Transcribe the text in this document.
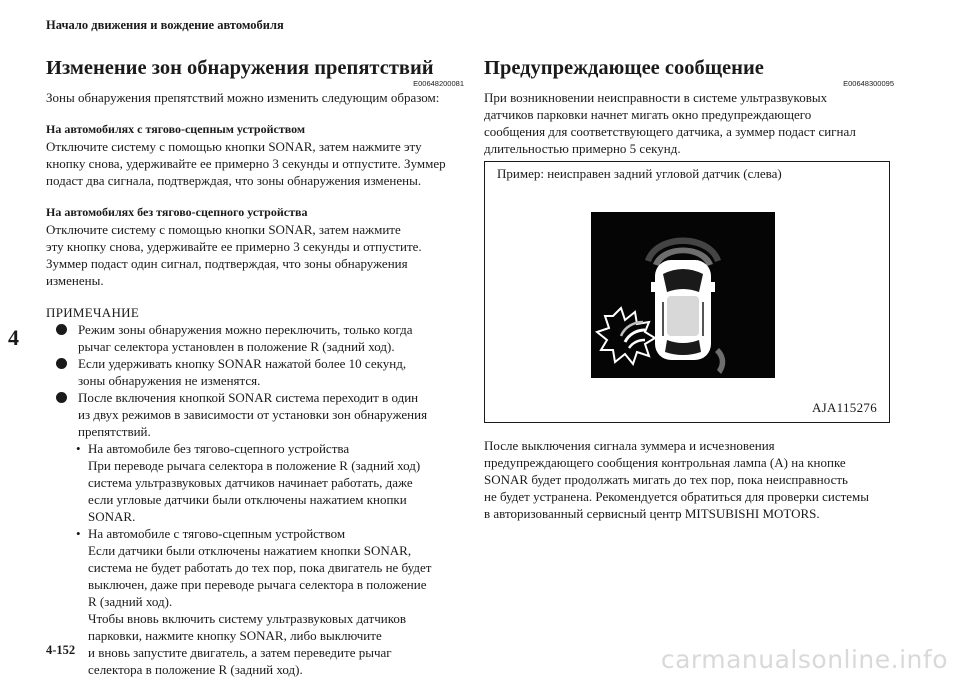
Начало движения и вождение автомобиля
4
Изменение зон обнаружения препятствий
E00648200081

Зоны обнаружения препятствий можно изменить следующим образом:

На автомобилях с тягово-сцепным устройством

Отключите систему с помощью кнопки SONAR, затем нажмите эту

кнопку снова, удерживайте ее примерно 3 секунды и отпустите. Зуммер

подаст два сигнала, подтверждая, что зоны обнаружения изменены.

На автомобилях без тягово-сцепного устройства

Отключите систему с помощью кнопки SONAR, затем нажмите

эту кнопку снова, удерживайте ее примерно 3 секунды и отпустите.

Зуммер подаст один сигнал, подтверждая, что зоны обнаружения

изменены.

ПРИМЕЧАНИЕ
Режим зоны обнаружения можно переключить, только когда
рычаг селектора установлен в положение R (задний ход).
Если удерживать кнопку SONAR нажатой более 10 секунд,
зоны обнаружения не изменятся.
После включения кнопкой SONAR система переходит в один
из двух режимов в зависимости от установки зон обнаружения
препятствий.
• На автомобиле без тягово-сцепного устройства
При переводе рычага селектора в положение R (задний ход)
система ультразвуковых датчиков начинает работать, даже
если угловые датчики были отключены нажатием кнопки
SONAR.
• На автомобиле с тягово-сцепным устройством
Если датчики были отключены нажатием кнопки SONAR,
система не будет работать до тех пор, пока двигатель не будет
выключен, даже при переводе рычага селектора в положение
R (задний ход).
Чтобы вновь включить систему ультразвуковых датчиков
парковки, нажмите кнопку SONAR, либо выключите
и вновь запустите двигатель, а затем переведите рычаг
селектора в положение R (задний ход).
Предупреждающее сообщение
E00648300095

При возникновении неисправности в системе ультразвуковых

датчиков парковки начнет мигать окно предупреждающего

сообщения для соответствующего датчика, а зуммер подаст сигнал

длительностью примерно 5 секунд.

Пример: неисправен задний угловой датчик (слева)
AJA115276

После выключения сигнала зуммера и исчезновения

предупреждающего сообщения контрольная лампа (A) на кнопке

SONAR будет продолжать мигать до тех пор, пока неисправность

не будет устранена. Рекомендуется обратиться для проверки системы

в авторизованный сервисный центр MITSUBISHI MOTORS.

4-152	carmanualsonline.info
